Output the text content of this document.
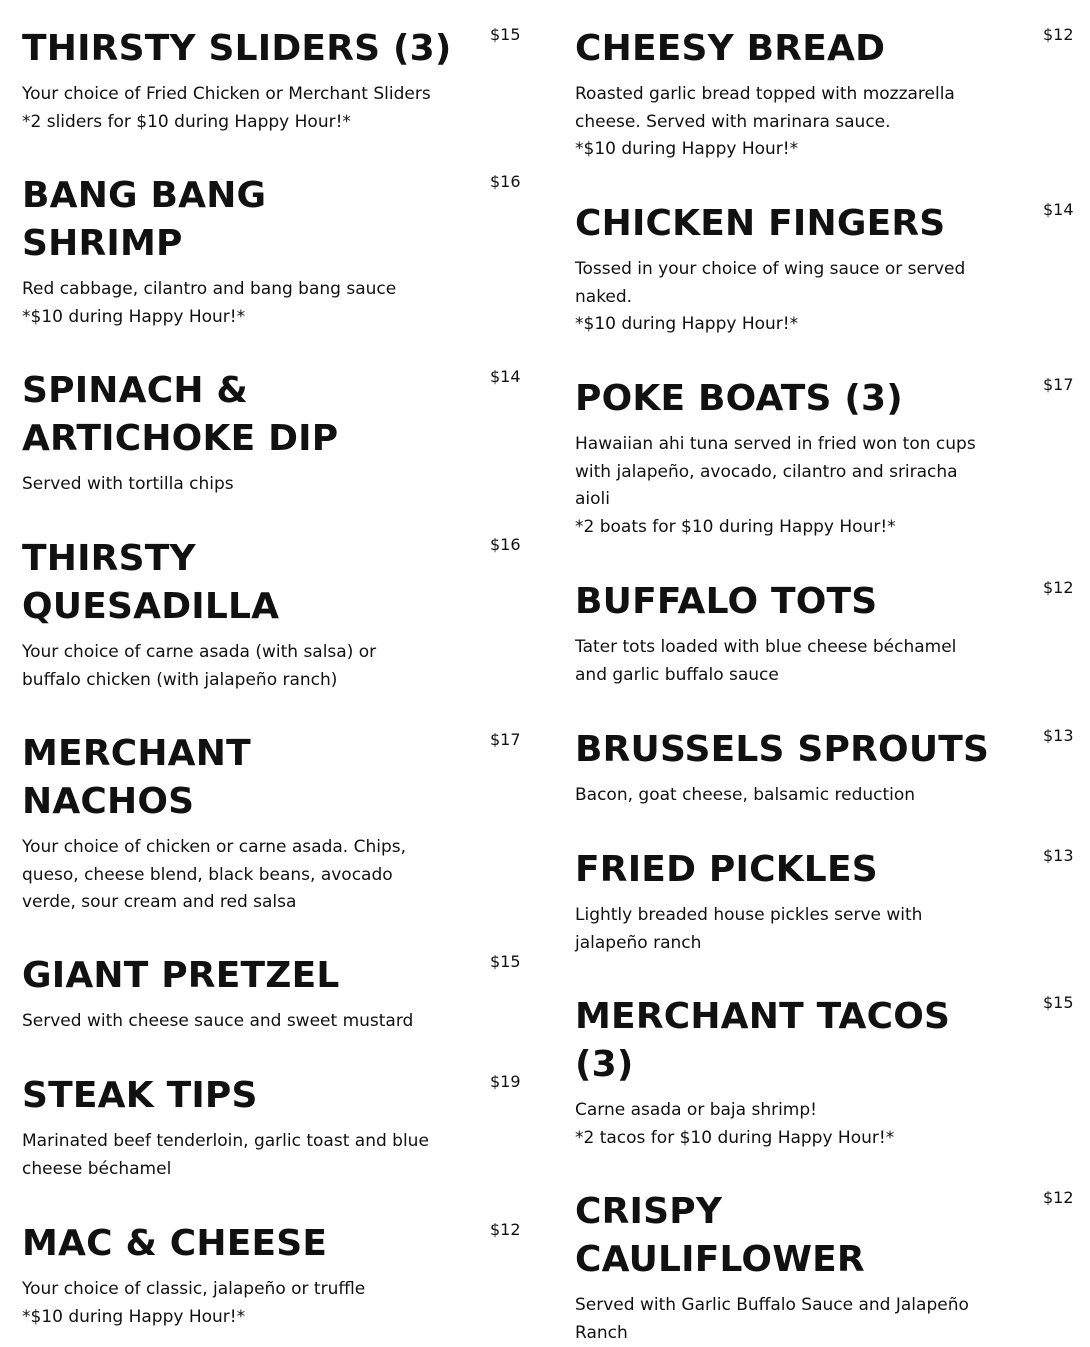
THIRSTY SLIDERS (3)	$15
Your choice of Fried Chicken or Merchant Sliders
*2 sliders for $10 during Happy Hour!*
BANG BANG SHRIMP
$16
Red cabbage, cilantro and bang bang sauce
*$10 during Happy Hour!*
SPINACH & ARTICHOKE DIP
$14
Served with tortilla chips
THIRSTY QUESADILLA
$16
Your choice of carne asada (with salsa) or buffalo chicken (with jalapeño ranch)
MERCHANT NACHOS
$17
Your choice of chicken or carne asada. Chips, queso, cheese blend, black beans, avocado verde, sour cream and red salsa
GIANT PRETZEL	$15
Served with cheese sauce and sweet mustard
STEAK TIPS	$19
Marinated beef tenderloin, garlic toast and blue cheese béchamel
MAC & CHEESE	$12
Your choice of classic, jalapeño or truffle
*$10 during Happy Hour!*
CHEESY BREAD	$12
Roasted garlic bread topped with mozzarella cheese. Served with marinara sauce.
*$10 during Happy Hour!*
CHICKEN FINGERS	$14
Tossed in your choice of wing sauce or served naked.
*$10 during Happy Hour!*
POKE BOATS (3)	$17
Hawaiian ahi tuna served in fried won ton cups with jalapeño, avocado, cilantro and sriracha aioli
*2 boats for $10 during Happy Hour!*
BUFFALO TOTS	$12
Tater tots loaded with blue cheese béchamel and garlic buffalo sauce
BRUSSELS SPROUTS	$13
Bacon, goat cheese, balsamic reduction
FRIED PICKLES	$13
Lightly breaded house pickles serve with jalapeño ranch
MERCHANT TACOS (3)
$15
Carne asada or baja shrimp!
*2 tacos for $10 during Happy Hour!*
CRISPY CAULIFLOWER
$12
Served with Garlic Buffalo Sauce and Jalapeño Ranch
